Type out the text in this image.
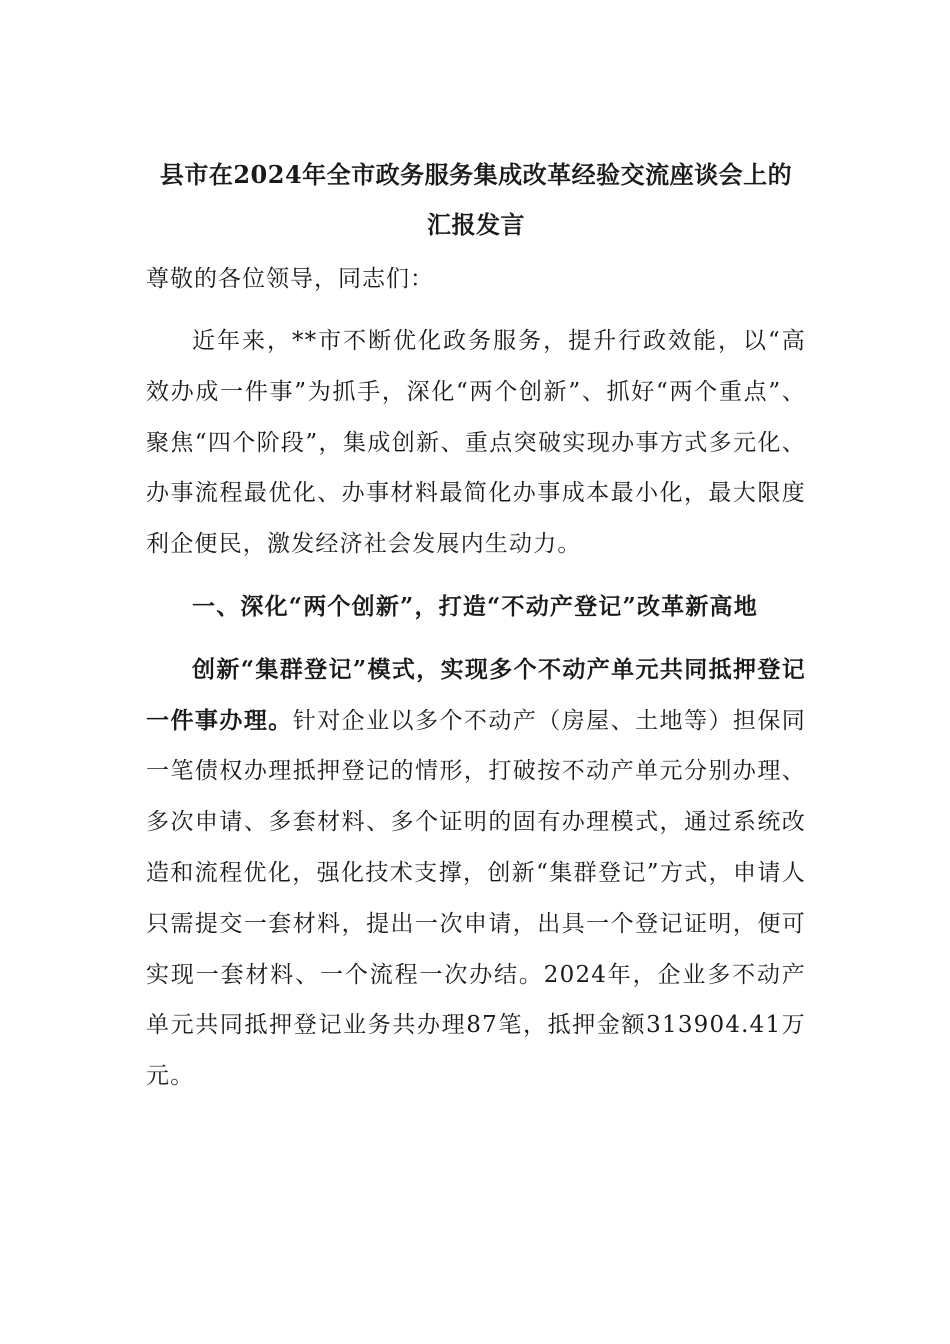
县市在2024年全市政务服务集成改革经验交流座谈会上的
汇报发言

尊敬的各位领导，同志们：

近年来，**市不断优化政务服务，提升行政效能，以“高效办成一件事”为抓手，深化“两个创新”、抓好“两个重点”、聚焦“四个阶段”，集成创新、重点突破实现办事方式多元化、办事流程最优化、办事材料最简化办事成本最小化，最大限度利企便民，激发经济社会发展内生动力。

一、深化“两个创新”，打造“不动产登记”改革新高地

创新“集群登记”模式，实现多个不动产单元共同抵押登记一件事办理。针对企业以多个不动产（房屋、土地等）担保同一笔债权办理抵押登记的情形，打破按不动产单元分别办理、多次申请、多套材料、多个证明的固有办理模式，通过系统改造和流程优化，强化技术支撑，创新“集群登记”方式，申请人只需提交一套材料，提出一次申请，出具一个登记证明，便可实现一套材料、一个流程一次办结。2024年，企业多不动产单元共同抵押登记业务共办理87笔，抵押金额313904.41万元。
